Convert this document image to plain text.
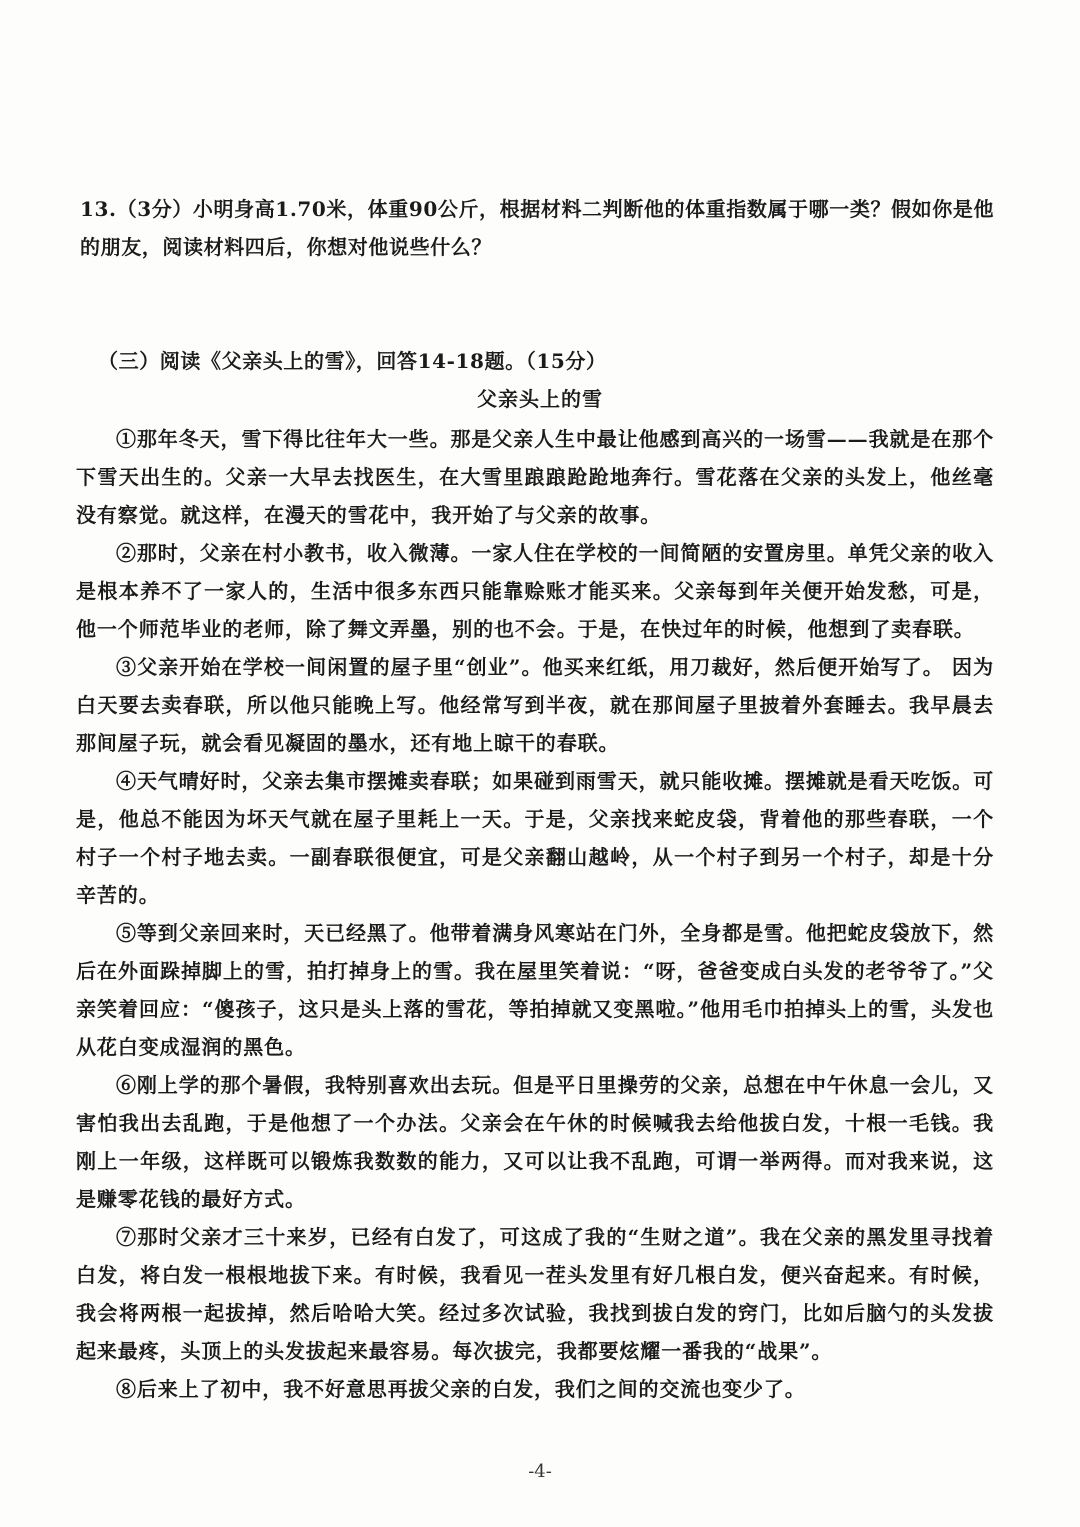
13.（3分）小明身高1.70米，体重90公斤，根据材料二判断他的体重指数属于哪一类？假如你是他的朋友，阅读材料四后，你想对他说些什么？
（三）阅读《父亲头上的雪》，回答14-18题。（15分）
父亲头上的雪

①那年冬天，雪下得比往年大一些。那是父亲人生中最让他感到高兴的一场雪——我就是在那个下雪天出生的。父亲一大早去找医生，在大雪里踉踉跄跄地奔行。雪花落在父亲的头发上，他丝毫没有察觉。就这样，在漫天的雪花中，我开始了与父亲的故事。

②那时，父亲在村小教书，收入微薄。一家人住在学校的一间简陋的安置房里。单凭父亲的收入是根本养不了一家人的，生活中很多东西只能靠赊账才能买来。父亲每到年关便开始发愁，可是，他一个师范毕业的老师，除了舞文弄墨，别的也不会。于是，在快过年的时候，他想到了卖春联。

③父亲开始在学校一间闲置的屋子里“创业”。他买来红纸，用刀裁好，然后便开始写了。 因为白天要去卖春联，所以他只能晚上写。他经常写到半夜，就在那间屋子里披着外套睡去。我早晨去那间屋子玩，就会看见凝固的墨水，还有地上晾干的春联。

④天气晴好时，父亲去集市摆摊卖春联；如果碰到雨雪天，就只能收摊。摆摊就是看天吃饭。可是，他总不能因为坏天气就在屋子里耗上一天。于是，父亲找来蛇皮袋，背着他的那些春联，一个村子一个村子地去卖。一副春联很便宜，可是父亲翻山越岭，从一个村子到另一个村子，却是十分辛苦的。

⑤等到父亲回来时，天已经黑了。他带着满身风寒站在门外，全身都是雪。他把蛇皮袋放下，然后在外面跺掉脚上的雪，拍打掉身上的雪。我在屋里笑着说：“呀，爸爸变成白头发的老爷爷了。”父亲笑着回应：“傻孩子，这只是头上落的雪花，等拍掉就又变黑啦。”他用毛巾拍掉头上的雪，头发也从花白变成湿润的黑色。

⑥刚上学的那个暑假，我特别喜欢出去玩。但是平日里操劳的父亲，总想在中午休息一会儿，又害怕我出去乱跑，于是他想了一个办法。父亲会在午休的时候喊我去给他拔白发，十根一毛钱。我刚上一年级，这样既可以锻炼我数数的能力，又可以让我不乱跑，可谓一举两得。而对我来说，这是赚零花钱的最好方式。

⑦那时父亲才三十来岁，已经有白发了，可这成了我的“生财之道”。我在父亲的黑发里寻找着白发，将白发一根根地拔下来。有时候，我看见一茬头发里有好几根白发，便兴奋起来。有时候，我会将两根一起拔掉，然后哈哈大笑。经过多次试验，我找到拔白发的窍门，比如后脑勺的头发拔起来最疼，头顶上的头发拔起来最容易。每次拔完，我都要炫耀一番我的“战果”。

⑧后来上了初中，我不好意思再拔父亲的白发，我们之间的交流也变少了。

-4-
